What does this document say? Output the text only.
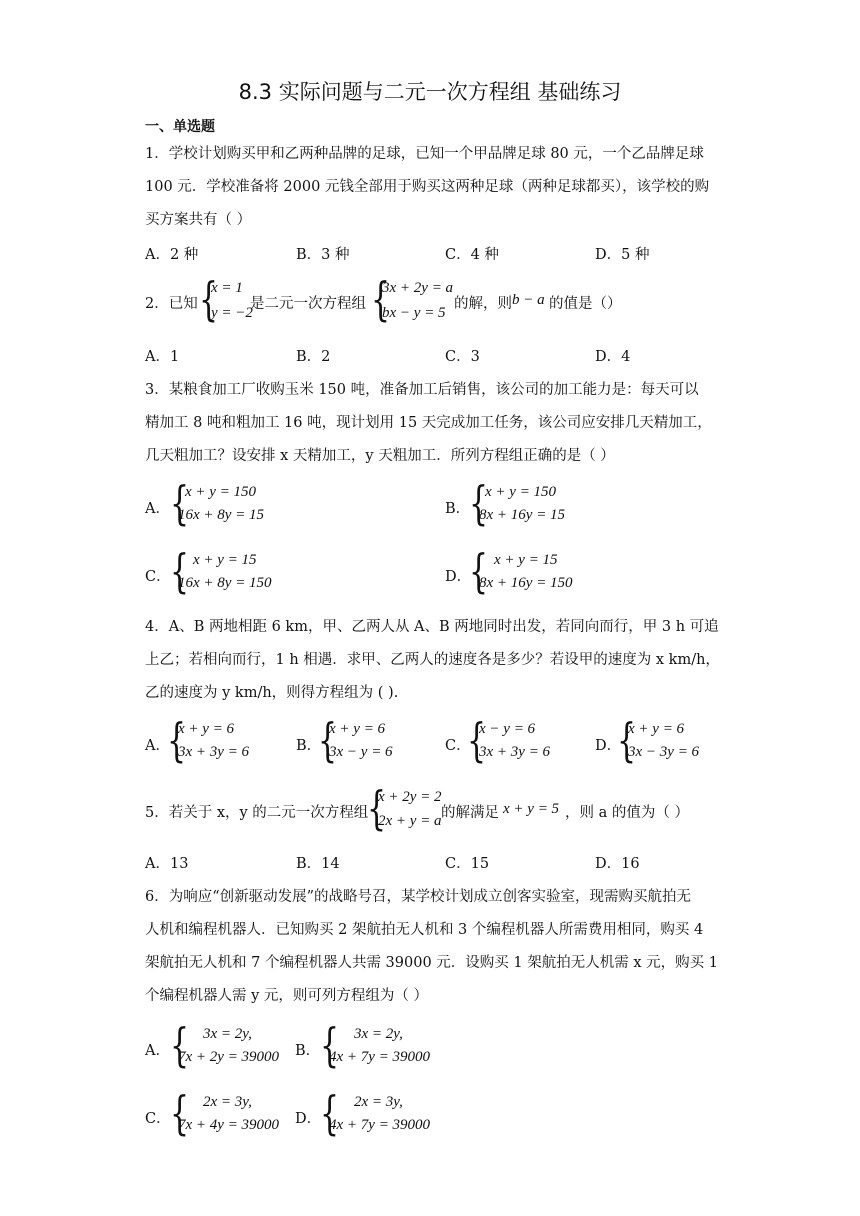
8.3 实际问题与二元一次方程组 基础练习
一、单选题
1．学校计划购买甲和乙两种品牌的足球，已知一个甲品牌足球 80 元，一个乙品牌足球
100 元．学校准备将 2000 元钱全部用于购买这两种足球（两种足球都买），该学校的购
买方案共有（ ）
A．2 种	B．3 种	C．4 种	D．5 种
2．已知 {
x = 1
y = −2
是二元一次方程组 {
3x + 2y = a
bx − y = 5
的解，则 b − a 的值是（）
A．1	B．2	C．3	D．4
3．某粮食加工厂收购玉米 150 吨，准备加工后销售，该公司的加工能力是：每天可以
精加工 8 吨和粗加工 16 吨，现计划用 15 天完成加工任务，该公司应安排几天精加工，
几天粗加工？设安排 x 天精加工，y 天粗加工．所列方程组正确的是（ ）
A． {
x + y = 150
16x + 8y = 15	B．
{
x + y = 150
8x + 16y = 15
C． { x + y = 15
16x + 8y = 150	D．
{ x + y = 15
8x + 16y = 150
4．A、B 两地相距 6 km，甲、乙两人从 A、B 两地同时出发，若同向而行，甲 3 h 可追
上乙；若相向而行，1 h 相遇．求甲、乙两人的速度各是多少？若设甲的速度为 x km/h，
乙的速度为 y km/h，则得方程组为 ( ).
A．
{
x + y = 6
3x + 3y = 6	B．
{
x + y = 6
3x − y = 6	C．
{
x − y = 6
3x + 3y = 6	D．
{
x + y = 6
3x − 3y = 6
5．若关于 x，y 的二元一次方程组
{
x + 2y = 2
2x + y = a 的解满足 x + y = 5 ，则 a 的值为（ ）
A．13	B．14	C．15	D．16
6．为响应“创新驱动发展”的战略号召，某学校计划成立创客实验室，现需购买航拍无
人机和编程机器人．已知购买 2 架航拍无人机和 3 个编程机器人所需费用相同，购买 4
架航拍无人机和 7 个编程机器人共需 39000 元．设购买 1 架航拍无人机需 x 元，购买 1
个编程机器人需 y 元，则可列方程组为（ ）
A． { 3x = 2y,
7x + 2y = 39000 B． { 3x = 2y,
4x + 7y = 39000
C． { 2x = 3y,
7x + 4y = 39000 D．
{ 2x = 3y,
4x + 7y = 39000
